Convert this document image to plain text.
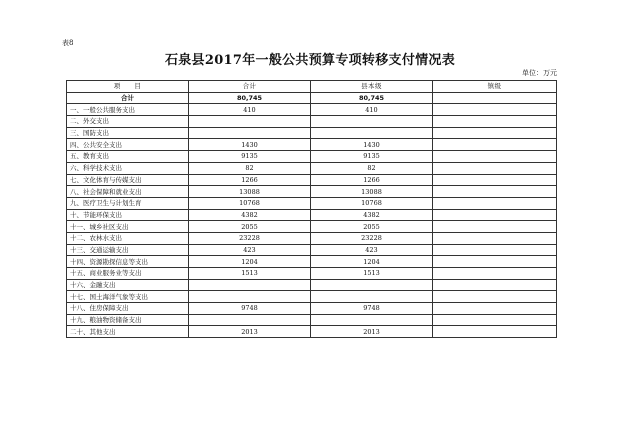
表8
石泉县2017年一般公共预算专项转移支付情况表
单位：万元
项　　目	合计	县本级	镇级
合计	80,745	80,745	
一、一般公共服务支出	410	410	
二、外交支出			
三、国防支出			
四、公共安全支出	1430	1430	
五、教育支出	9135	9135	
六、科学技术支出	82	82	
七、文化体育与传媒支出	1266	1266	
八、社会保障和就业支出	13088	13088	
九、医疗卫生与计划生育	10768	10768	
十、节能环保支出	4382	4382	
十一、城乡社区支出	2055	2055	
十二、农林水支出	23228	23228	
十三、交通运输支出	423	423	
十四、资源勘探信息等支出	1204	1204	
十五、商业服务业等支出	1513	1513	
十六、金融支出			
十七、国土海洋气象等支出			
十八、住房保障支出	9748	9748	
十九、粮油物资储备支出			
二十、其他支出	2013	2013	
